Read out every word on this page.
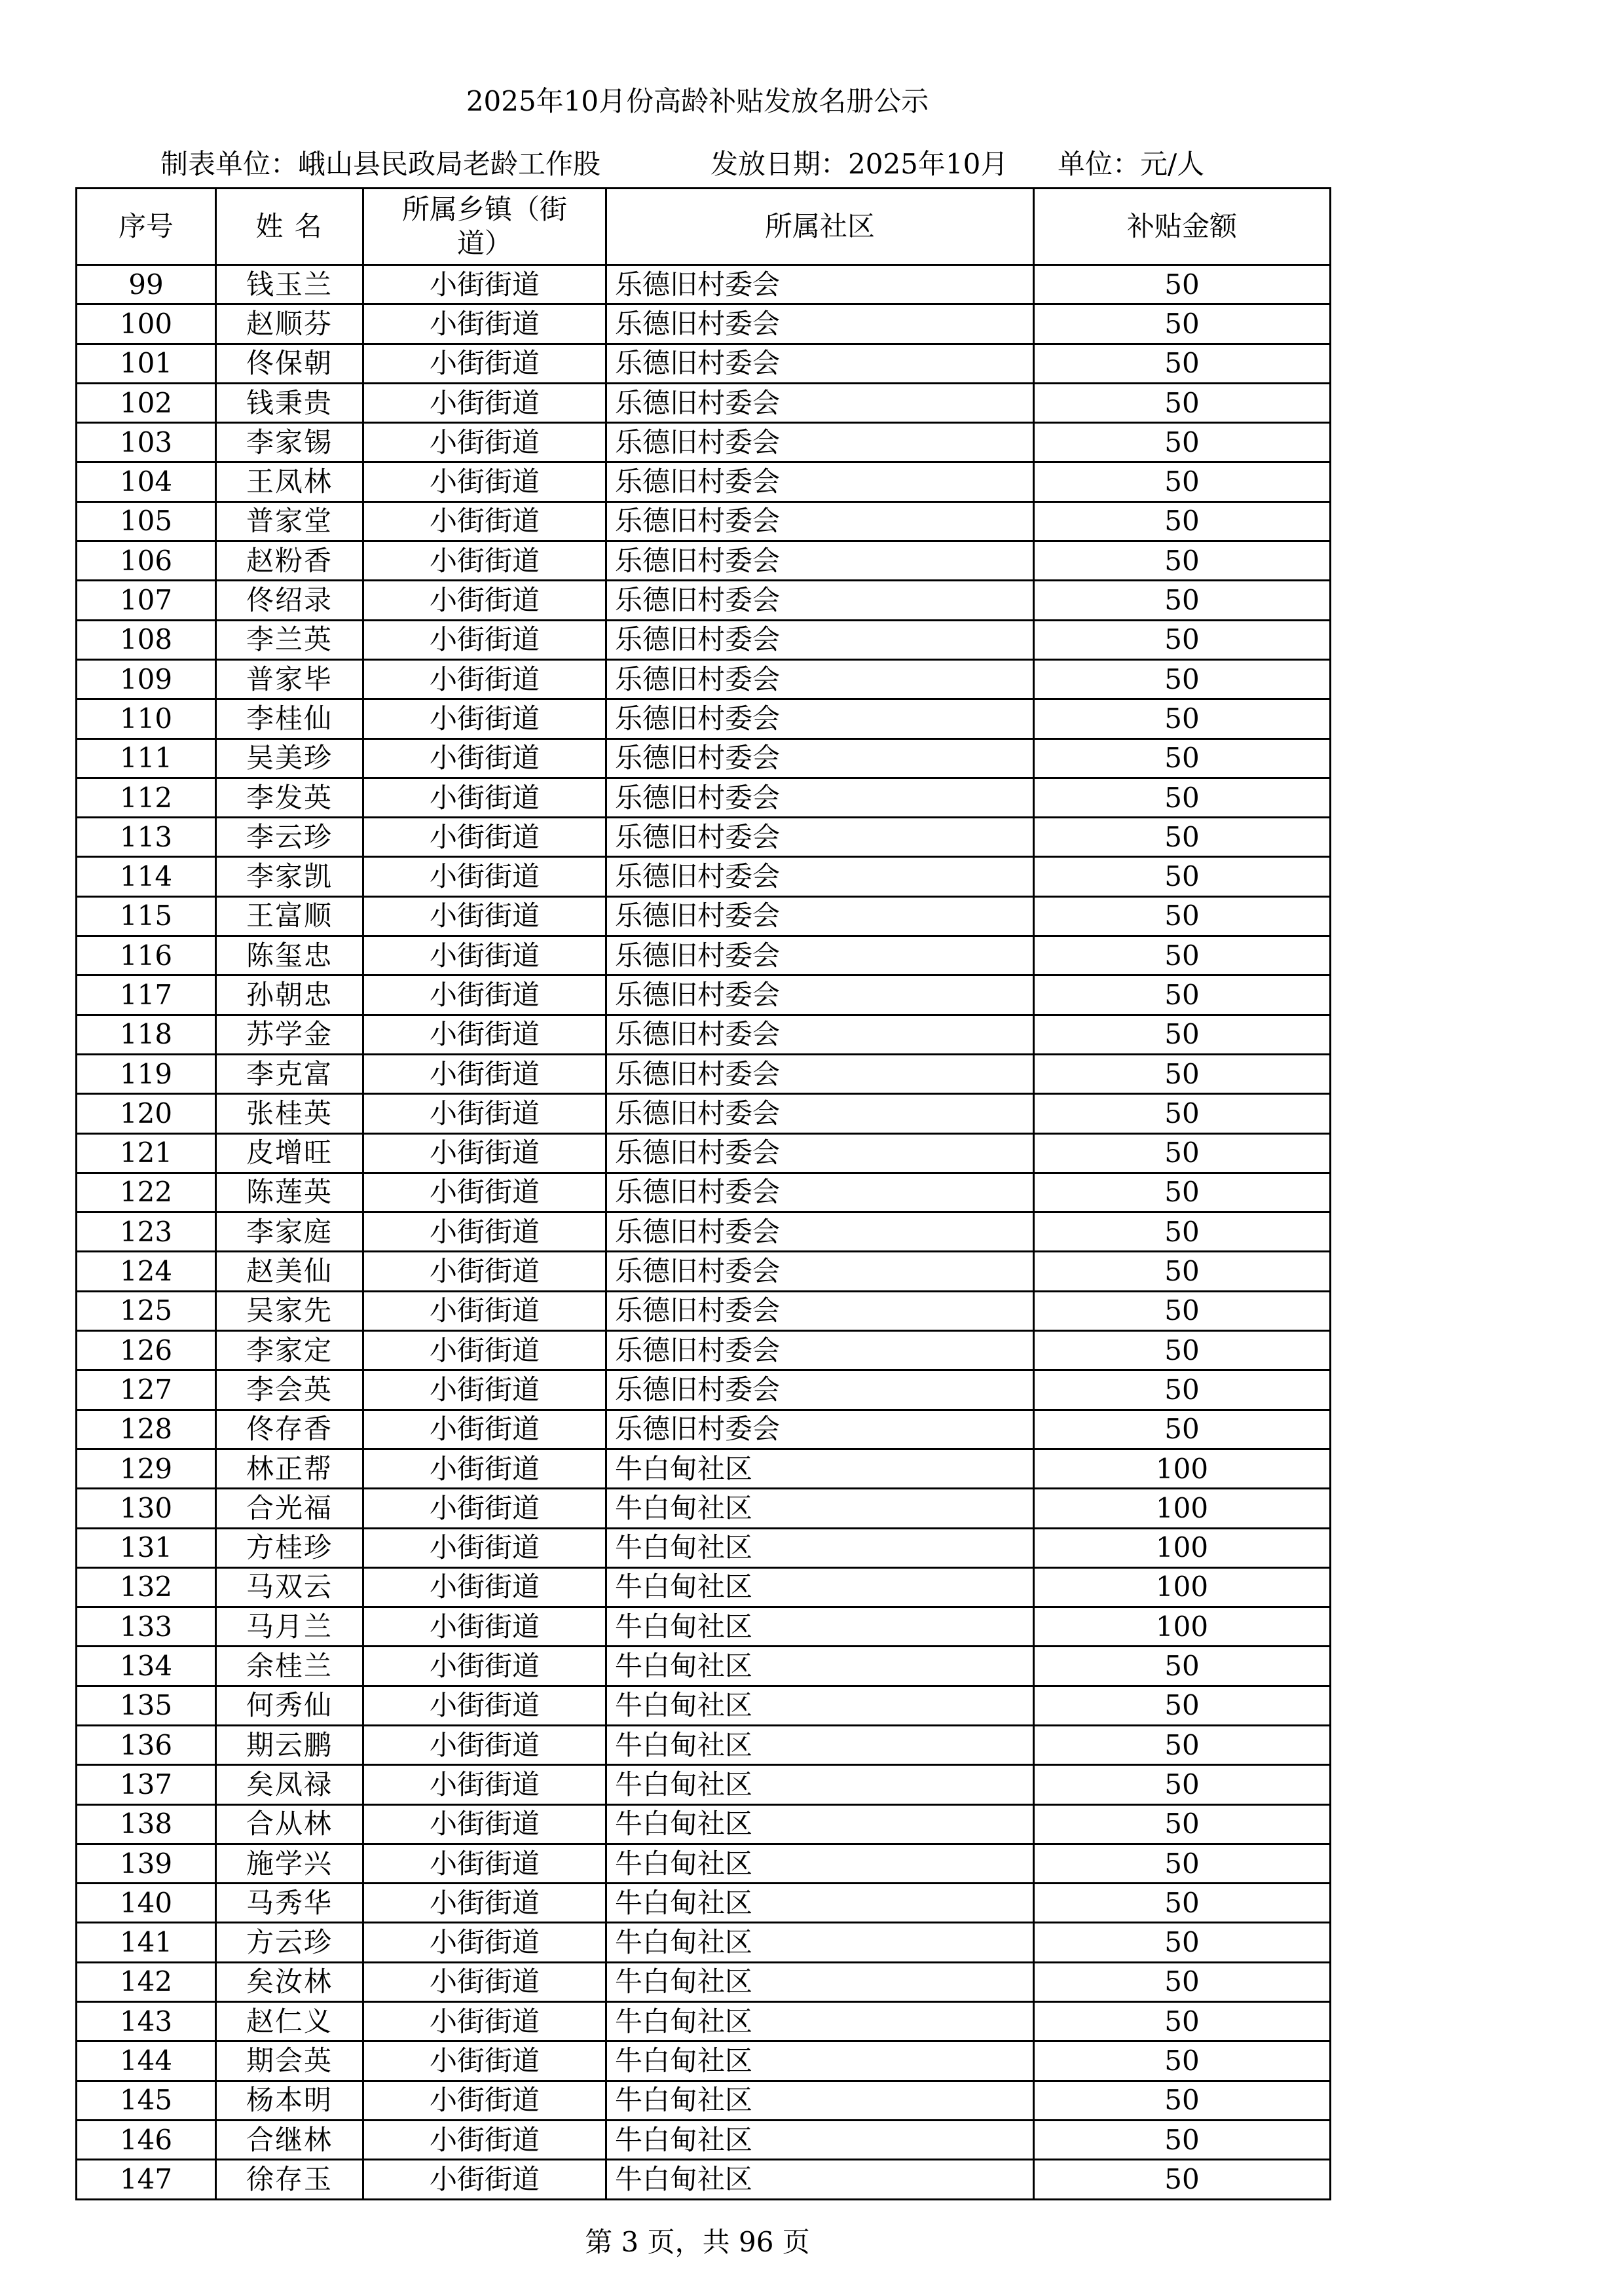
2025年10月份高龄补贴发放名册公示
制表单位：峨山县民政局老龄工作股	发放日期：2025年10月 单位：元/人
序号	姓 名	所属乡镇（街
道）	所属社区	补贴金额
99	钱玉兰	小街街道	乐德旧村委会	50
100	赵顺芬	小街街道	乐德旧村委会	50
101	佟保朝	小街街道	乐德旧村委会	50
102	钱秉贵	小街街道	乐德旧村委会	50
103	李家锡	小街街道	乐德旧村委会	50
104	王凤林	小街街道	乐德旧村委会	50
105	普家堂	小街街道	乐德旧村委会	50
106	赵粉香	小街街道	乐德旧村委会	50
107	佟绍录	小街街道	乐德旧村委会	50
108	李兰英	小街街道	乐德旧村委会	50
109	普家毕	小街街道	乐德旧村委会	50
110	李桂仙	小街街道	乐德旧村委会	50
111	吴美珍	小街街道	乐德旧村委会	50
112	李发英	小街街道	乐德旧村委会	50
113	李云珍	小街街道	乐德旧村委会	50
114	李家凯	小街街道	乐德旧村委会	50
115	王富顺	小街街道	乐德旧村委会	50
116	陈玺忠	小街街道	乐德旧村委会	50
117	孙朝忠	小街街道	乐德旧村委会	50
118	苏学金	小街街道	乐德旧村委会	50
119	李克富	小街街道	乐德旧村委会	50
120	张桂英	小街街道	乐德旧村委会	50
121	皮增旺	小街街道	乐德旧村委会	50
122	陈莲英	小街街道	乐德旧村委会	50
123	李家庭	小街街道	乐德旧村委会	50
124	赵美仙	小街街道	乐德旧村委会	50
125	吴家先	小街街道	乐德旧村委会	50
126	李家定	小街街道	乐德旧村委会	50
127	李会英	小街街道	乐德旧村委会	50
128	佟存香	小街街道	乐德旧村委会	50
129	林正帮	小街街道	牛白甸社区	100
130	合光福	小街街道	牛白甸社区	100
131	方桂珍	小街街道	牛白甸社区	100
132	马双云	小街街道	牛白甸社区	100
133	马月兰	小街街道	牛白甸社区	100
134	余桂兰	小街街道	牛白甸社区	50
135	何秀仙	小街街道	牛白甸社区	50
136	期云鹏	小街街道	牛白甸社区	50
137	矣凤禄	小街街道	牛白甸社区	50
138	合从林	小街街道	牛白甸社区	50
139	施学兴	小街街道	牛白甸社区	50
140	马秀华	小街街道	牛白甸社区	50
141	方云珍	小街街道	牛白甸社区	50
142	矣汝林	小街街道	牛白甸社区	50
143	赵仁义	小街街道	牛白甸社区	50
144	期会英	小街街道	牛白甸社区	50
145	杨本明	小街街道	牛白甸社区	50
146	合继林	小街街道	牛白甸社区	50
147	徐存玉	小街街道	牛白甸社区	50
第 3 页，共 96 页
